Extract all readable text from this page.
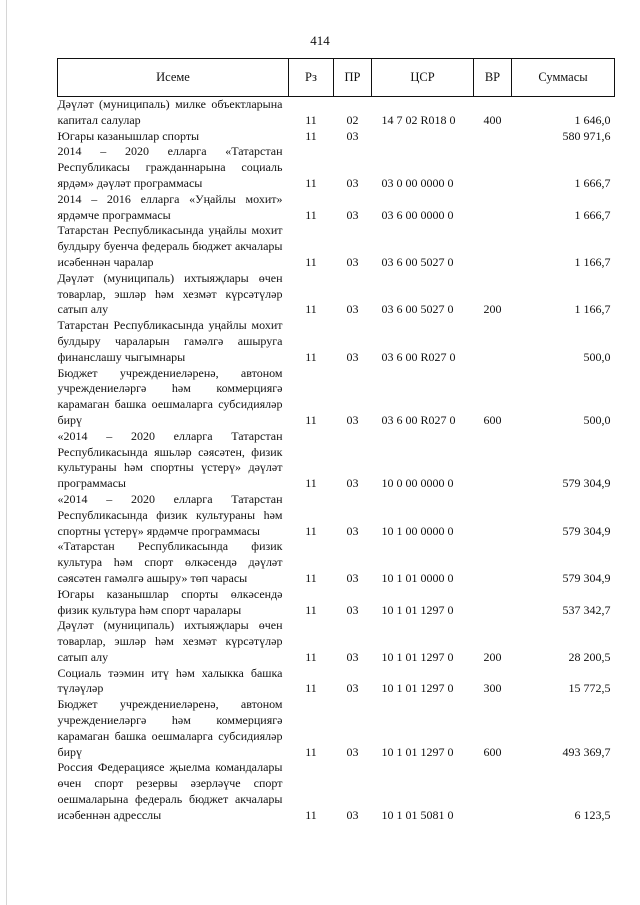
414
Исеме	Рз	ПР	ЦСР	ВР	Суммасы
Дәүләт (муниципаль) милке объектларына капитал салулар	11	02	14 7 02 R018 0	400	1 646,0
Югары казанышлар спорты	11	03			580 971,6
2014 – 2020 елларга «Татарстан Республикасы гражданнарына социаль ярдәм» дәүләт программасы	11	03	03 0 00 0000 0		1 666,7
2014 – 2016 елларга «Уңайлы мохит» ярдәмче программасы	11	03	03 6 00 0000 0		1 666,7
Татарстан Республикасында уңайлы мохит булдыру буенча федераль бюджет акчалары исәбеннән чаралар	11	03	03 6 00 5027 0		1 166,7
Дәүләт (муниципаль) ихтыяҗлары өчен товарлар, эшләр һәм хезмәт күрсәтүләр сатып алу	11	03	03 6 00 5027 0	200	1 166,7
Татарстан Республикасында уңайлы мохит булдыру чараларын гамәлгә ашыруга финанслашу чыгымнары	11	03	03 6 00 R027 0		500,0
Бюджет учреждениеләренә, автоном учреждениеләргә һәм коммерциягә карамаган башка оешмаларга субсидияләр бирү	11	03	03 6 00 R027 0	600	500,0
«2014 – 2020 елларга Татарстан Республикасында яшьләр сәясәтен, физик культураны һәм спортны үстерү» дәүләт программасы	11	03	10 0 00 0000 0		579 304,9
«2014 – 2020 елларга Татарстан Республикасында физик культураны һәм спортны үстерү» ярдәмче программасы	11	03	10 1 00 0000 0		579 304,9
«Татарстан Республикасында физик культура һәм спорт өлкәсендә дәүләт сәясәтен гамәлгә ашыру» төп чарасы	11	03	10 1 01 0000 0		579 304,9
Югары казанышлар спорты өлкәсендә физик культура һәм спорт чаралары	11	03	10 1 01 1297 0		537 342,7
Дәүләт (муниципаль) ихтыяҗлары өчен товарлар, эшләр һәм хезмәт күрсәтүләр сатып алу	11	03	10 1 01 1297 0	200	28 200,5
Социаль тәэмин итү һәм халыкка башка түләүләр	11	03	10 1 01 1297 0	300	15 772,5
Бюджет учреждениеләренә, автоном учреждениеләргә һәм коммерциягә карамаган башка оешмаларга субсидияләр бирү	11	03	10 1 01 1297 0	600	493 369,7
Россия Федерациясе җыелма командалары өчен спорт резервы әзерләүче спорт оешмаларына федераль бюджет акчалары исәбеннән адресслы	11	03	10 1 01 5081 0		6 123,5
